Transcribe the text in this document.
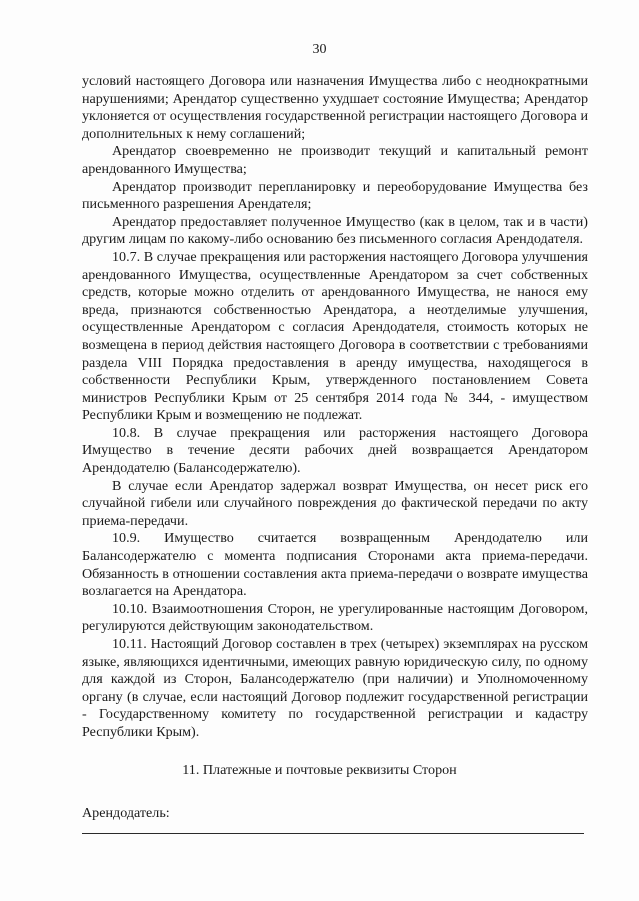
30

условий настоящего Договора или назначения Имущества либо с неоднократными нарушениями; Арендатор существенно ухудшает состояние Имущества; Арендатор уклоняется от осуществления государственной регистрации настоящего Договора и дополнительных к нему соглашений;

Арендатор своевременно не производит текущий и капитальный ремонт арендованного Имущества;

Арендатор производит перепланировку и переоборудование Имущества без письменного разрешения Арендателя;

Арендатор предоставляет полученное Имущество (как в целом, так и в части) другим лицам по какому-либо основанию без письменного согласия Арендодателя.

10.7. В случае прекращения или расторжения настоящего Договора улучшения арендованного Имущества, осуществленные Арендатором за счет собственных средств, которые можно отделить от арендованного Имущества, не нанося ему вреда, признаются собственностью Арендатора, а неотделимые улучшения, осуществленные Арендатором с согласия Арендодателя, стоимость которых не возмещена в период действия настоящего Договора в соответствии с требованиями раздела VIII Порядка предоставления в аренду имущества, находящегося в собственности Республики Крым, утвержденного постановлением Совета министров Республики Крым от 25 сентября 2014 года № 344, - имуществом Республики Крым и возмещению не подлежат.

10.8. В случае прекращения или расторжения настоящего Договора Имущество в течение десяти рабочих дней возвращается Арендатором Арендодателю (Балансодержателю).

В случае если Арендатор задержал возврат Имущества, он несет риск его случайной гибели или случайного повреждения до фактической передачи по акту приема-передачи.

10.9. Имущество считается возвращенным Арендодателю или Балансодержателю с момента подписания Сторонами акта приема-передачи. Обязанность в отношении составления акта приема-передачи о возврате имущества возлагается на Арендатора.

10.10. Взаимоотношения Сторон, не урегулированные настоящим Договором, регулируются действующим законодательством.

10.11. Настоящий Договор составлен в трех (четырех) экземплярах на русском языке, являющихся идентичными, имеющих равную юридическую силу, по одному для каждой из Сторон, Балансодержателю (при наличии) и Уполномоченному органу (в случае, если настоящий Договор подлежит государственной регистрации - Государственному комитету по государственной регистрации и кадастру Республики Крым).

11. Платежные и почтовые реквизиты Сторон
Арендодатель:
